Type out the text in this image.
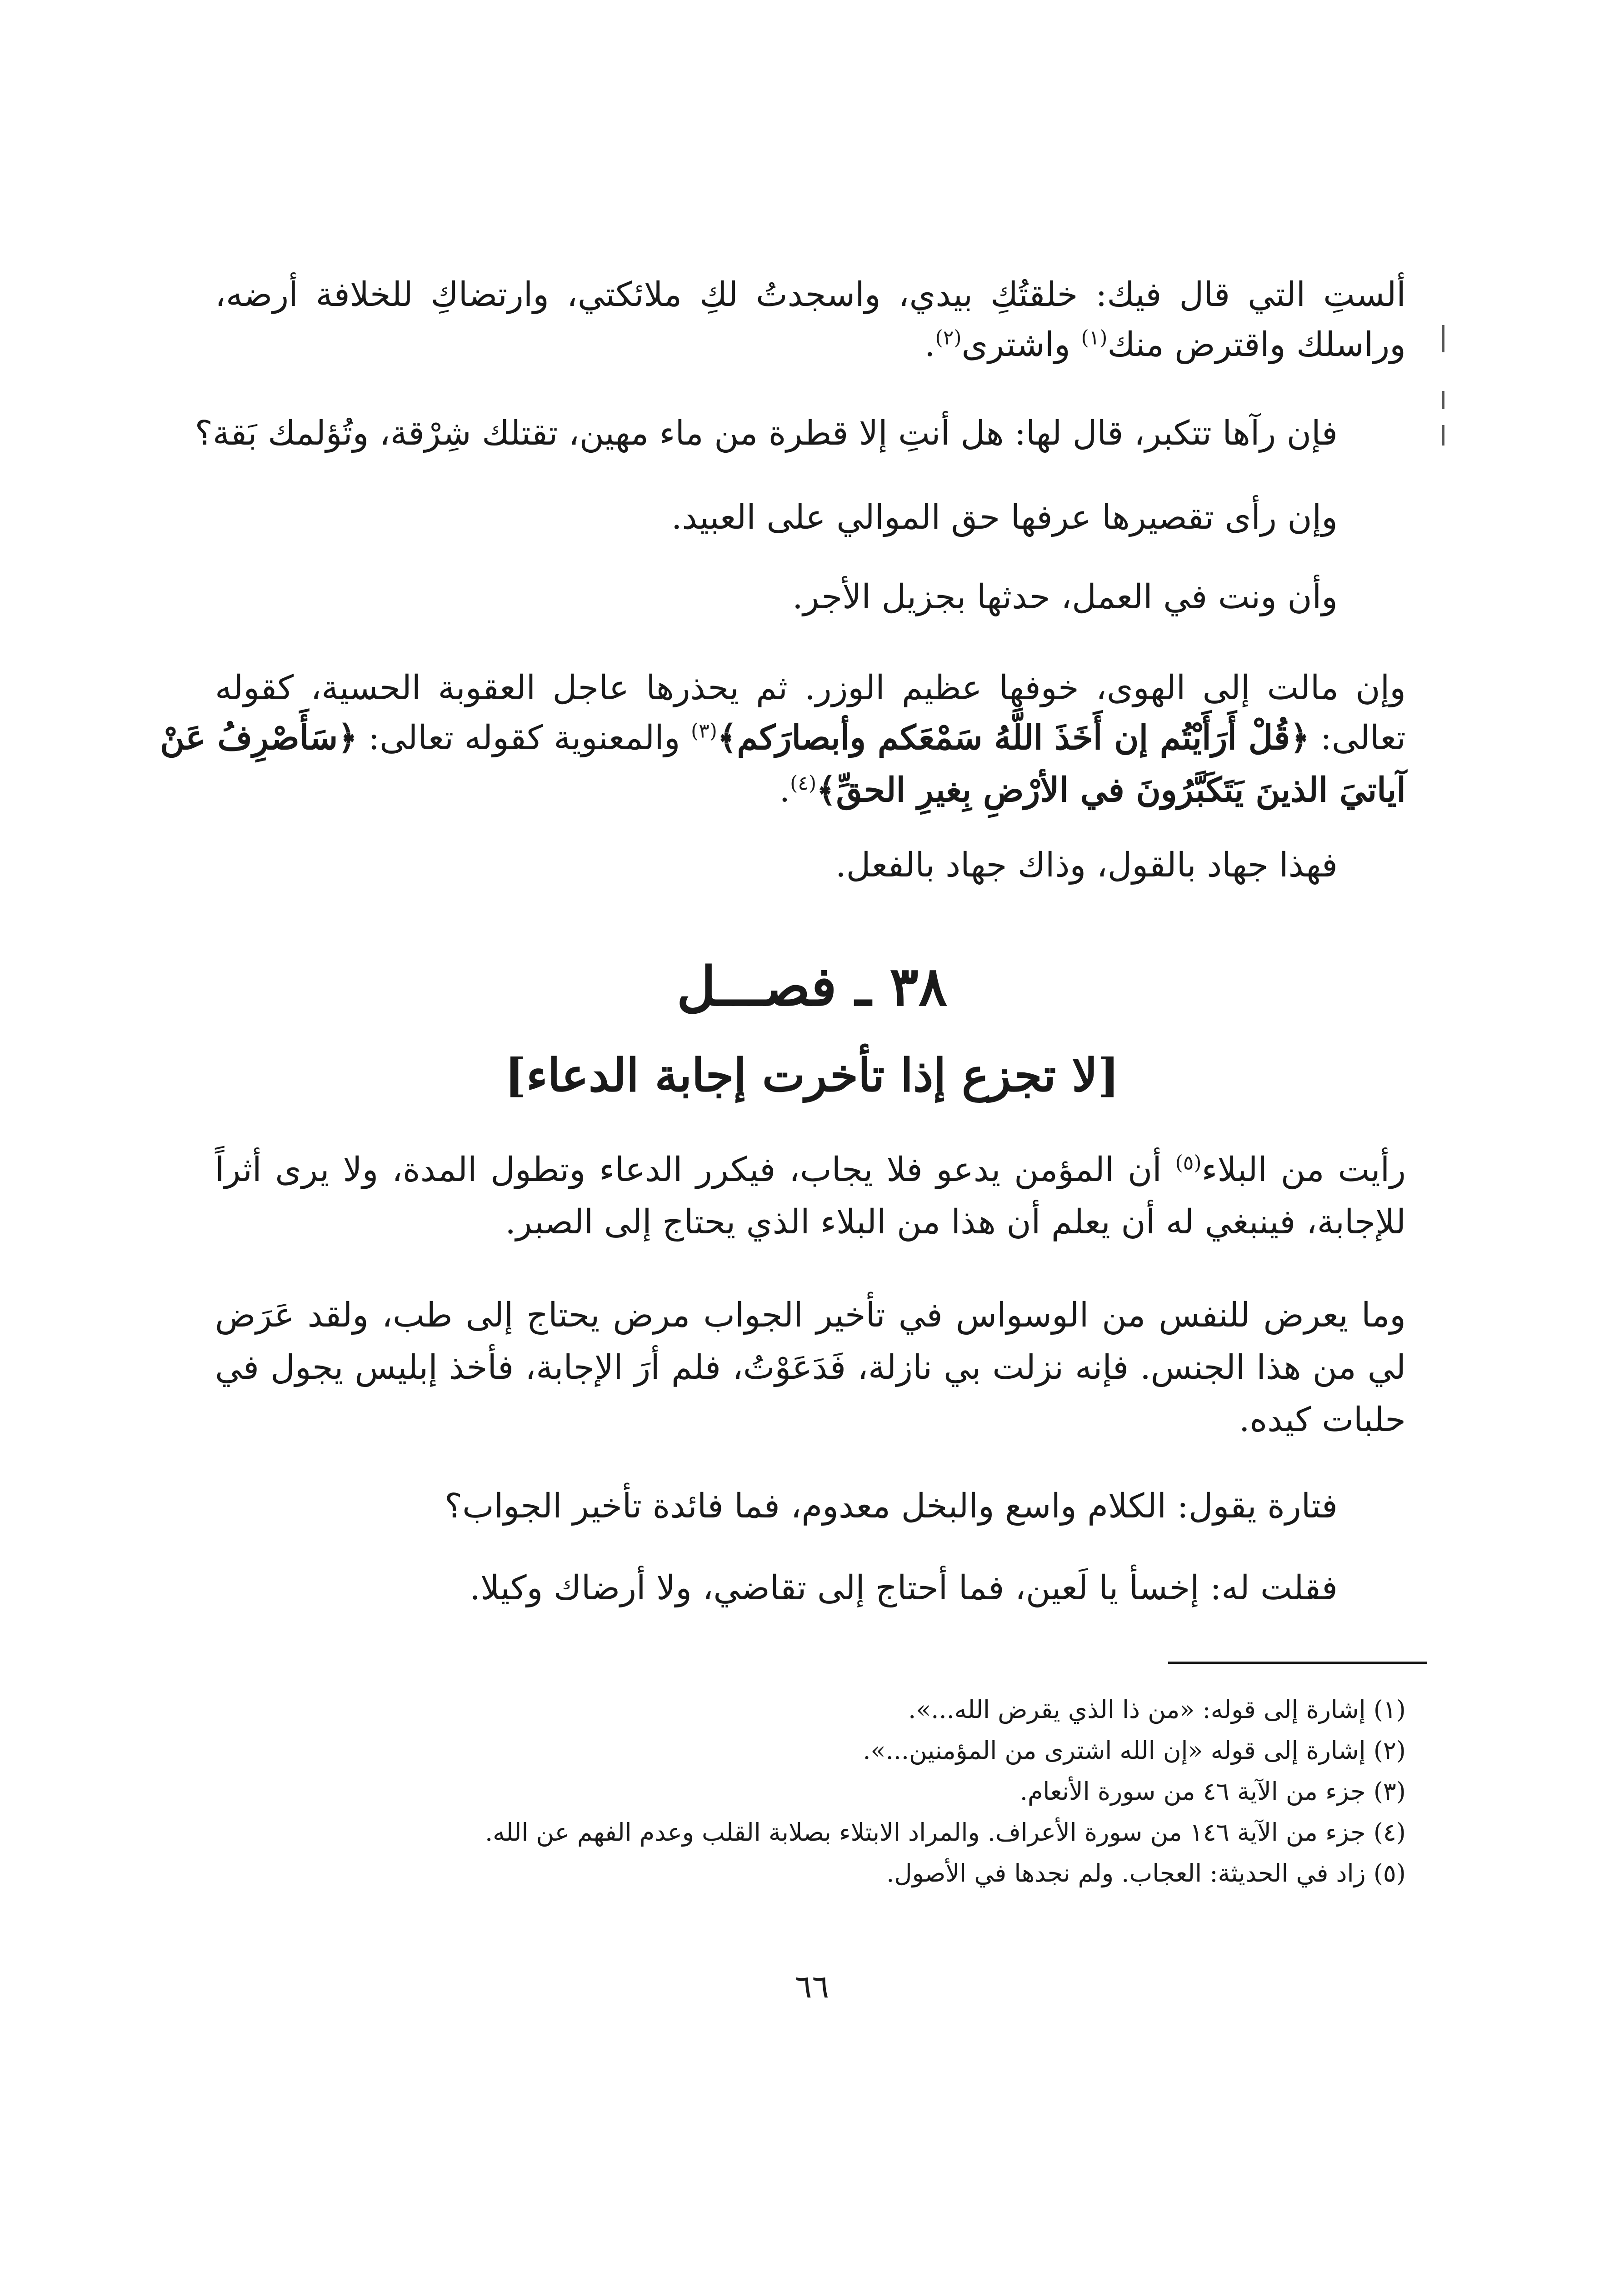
ألستِ التي قال فيك: خلقتُكِ بيدي، واسجدتُ لكِ ملائكتي، وارتضاكِ للخلافة أرضه،
وراسلك واقترض منك$^{(١)}$ واشترى$^{(٢)}$.
فإن رآها تتكبر، قال لها: هل أنتِ إلا قطرة من ماء مهين، تقتلك شِرْقة، وتُؤلمك بَقة؟
وإن رأى تقصيرها عرفها حق الموالي على العبيد.
وأن ونت في العمل، حدثها بجزيل الأجر.
وإن مالت إلى الهوى، خوفها عظيم الوزر. ثم يحذرها عاجل العقوبة الحسية، كقوله
تعالى: ﴿قُلْ أَرَأَيْتُم إن أَخَذَ اللَّهُ سَمْعَكم وأبصارَكم﴾$^{(٣)}$ والمعنوية كقوله تعالى: ﴿سَأَصْرِفُ عَنْ
آياتيَ الذينَ يَتَكَبَّرُونَ في الأرْضِ بِغيرِ الحقِّ﴾$^{(٤)}$.
فهذا جهاد بالقول، وذاك جهاد بالفعل.
٣٨ ـ فصـــل
[لا تجزع إذا تأخرت إجابة الدعاء]
رأيت من البلاء$^{(٥)}$ أن المؤمن يدعو فلا يجاب، فيكرر الدعاء وتطول المدة، ولا يرى أثراً
للإجابة، فينبغي له أن يعلم أن هذا من البلاء الذي يحتاج إلى الصبر.
وما يعرض للنفس من الوسواس في تأخير الجواب مرض يحتاج إلى طب، ولقد عَرَض
لي من هذا الجنس. فإنه نزلت بي نازلة، فَدَعَوْتُ، فلم أرَ الإجابة، فأخذ إبليس يجول في
حلبات كيده.
فتارة يقول: الكلام واسع والبخل معدوم، فما فائدة تأخير الجواب؟
فقلت له: إخسأ يا لَعين، فما أحتاج إلى تقاضي، ولا أرضاك وكيلا.
(١) إشارة إلى قوله: «من ذا الذي يقرض الله...».
(٢) إشارة إلى قوله «إن الله اشترى من المؤمنين...».
(٣) جزء من الآية ٤٦ من سورة الأنعام.
(٤) جزء من الآية ١٤٦ من سورة الأعراف. والمراد الابتلاء بصلابة القلب وعدم الفهم عن الله.
(٥) زاد في الحديثة: العجاب. ولم نجدها في الأصول.
٦٦
